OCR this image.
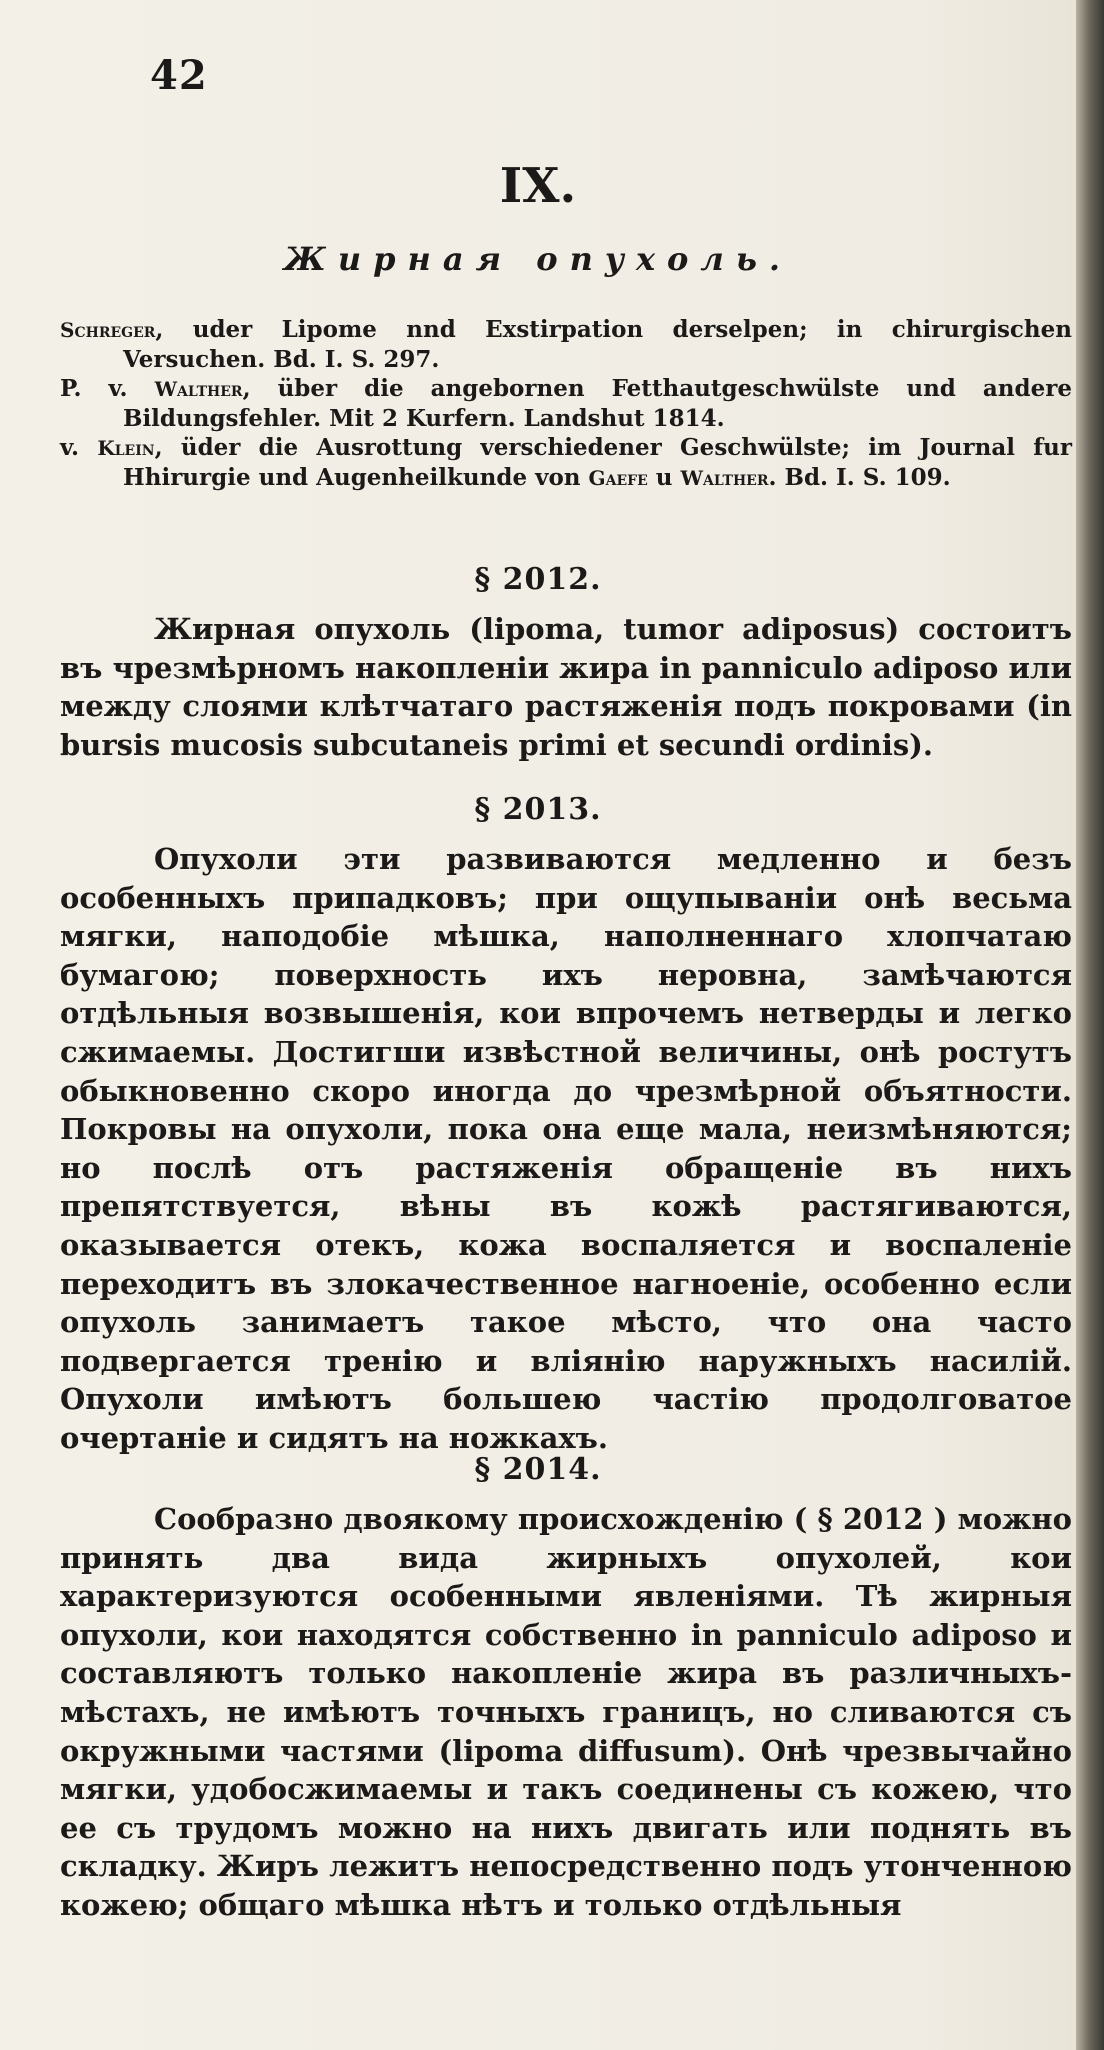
42
IX.
Жирная опухоль.

Schreger, uder Lipome nnd Exstirpation derselpen; in chirurgischen Versuchen. Bd. I. S. 297.

P. v. Walther, über die angebornen Fetthautgeschwülste und andere Bildungsfehler. Mit 2 Kurfern. Landshut 1814.

v. Klein, üder die Ausrottung verschiedener Geschwülste; im Journal fur Hhirurgie und Augenheilkunde von Gaefe u Walther. Bd. I. S. 109.

§ 2012.

Жирная опухоль (lipoma, tumor adiposus) состоитъ въ чрезмѣрномъ накопленіи жира in panniculo adiposo или между слоями клѣтчатаго растяженія подъ покровами (in bursis mucosis subcutaneis primi et secundi ordinis).

§ 2013.

Опухоли эти развиваются медленно и безъ особенныхъ припадковъ; при ощупываніи онѣ весьма мягки, наподобіе мѣшка, наполненнаго хлопчатаю бумагою; поверхность ихъ неровна, замѣчаются отдѣльныя возвышенія, кои впрочемъ нетверды и легко сжимаемы. Достигши извѣстной величины, онѣ ростутъ обыкновенно скоро иногда до чрезмѣрной объятности. Покровы на опухоли, пока она еще мала, неизмѣняются; но послѣ отъ растяженія обращеніе въ нихъ препятствуется, вѣны въ кожѣ растягиваются, оказывается отекъ, кожа воспаляется и воспаленіе переходитъ въ злокачественное нагноеніе, особенно если опухоль занимаетъ такое мѣсто, что она часто подвергается тренію и вліянію наружныхъ насилій. Опухоли имѣютъ большею частію продолговатое очертаніе и сидятъ на ножкахъ.

§ 2014.

Сообразно двоякому происхожденію ( § 2012 ) можно принять два вида жирныхъ опухолей, кои характеризуются особенными явленіями. Тѣ жирныя опухоли, кои находятся собственно in panniculo adiposo и составляютъ только накопленіе жира въ различныхъ-мѣстахъ, не имѣютъ точныхъ границъ, но сливаются съ окружными частями (lipoma diffusum). Онѣ чрезвычайно мягки, удобосжимаемы и такъ соединены съ кожею, что ее съ трудомъ можно на нихъ двигать или поднять въ складку. Жиръ лежитъ непосредственно подъ утонченною кожею; общаго мѣшка нѣтъ и только отдѣльныя
